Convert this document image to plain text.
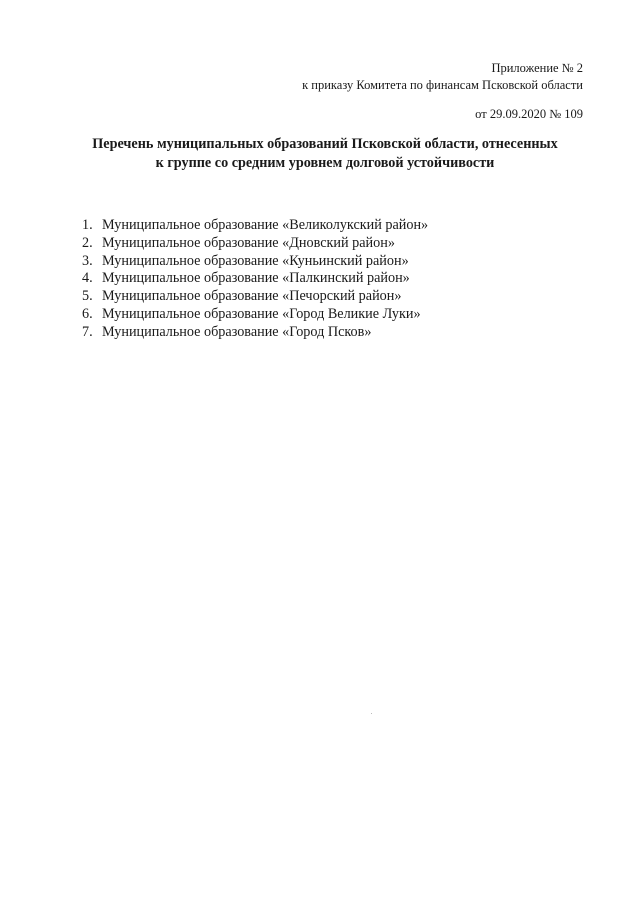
Приложение № 2
к приказу Комитета по финансам Псковской области
от 29.09.2020 № 109
Перечень муниципальных образований Псковской области, отнесенных
к группе со средним уровнем долговой устойчивости
1. Муниципальное образование «Великолукский район»
2. Муниципальное образование «Дновский район»
3. Муниципальное образование «Куньинский район»
4. Муниципальное образование «Палкинский район»
5. Муниципальное образование «Печорский район»
6. Муниципальное образование «Город Великие Луки»
7. Муниципальное образование «Город Псков»
